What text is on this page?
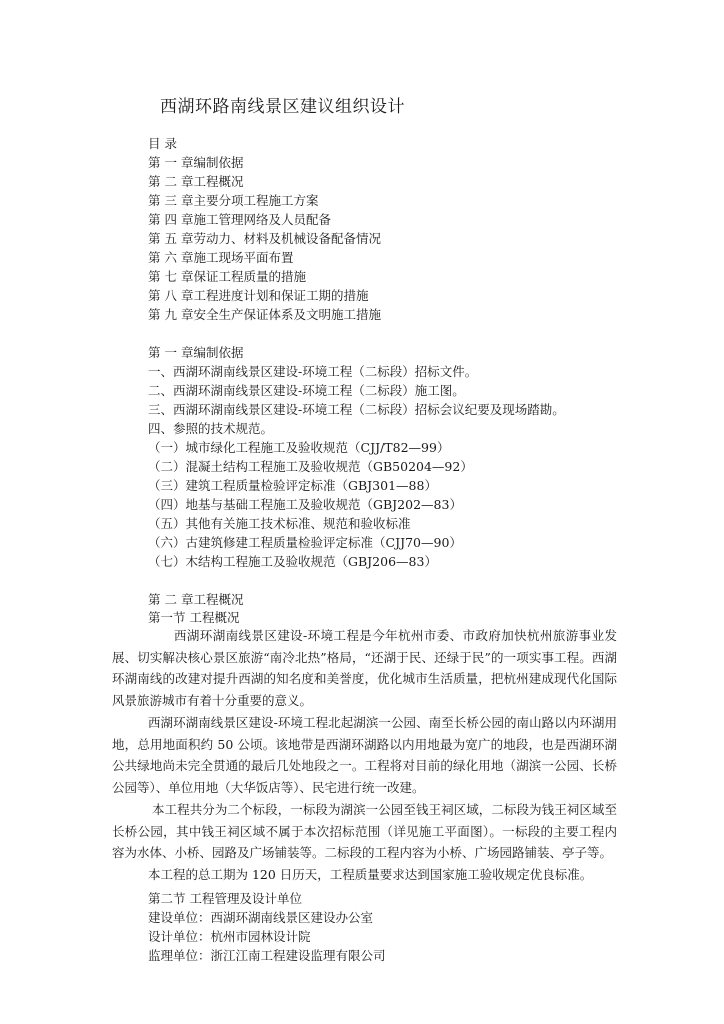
西湖环路南线景区建议组织设计
目 录
第 一 章编制依据
第 二 章工程概况
第 三 章主要分项工程施工方案
第 四 章施工管理网络及人员配备
第 五 章劳动力、材料及机械设备配备情况
第 六 章施工现场平面布置
第 七 章保证工程质量的措施
第 八 章工程进度计划和保证工期的措施
第 九 章安全生产保证体系及文明施工措施
第 一 章编制依据
一、西湖环湖南线景区建设-环境工程（二标段）招标文件。
二、西湖环湖南线景区建设-环境工程（二标段）施工图。
三、西湖环湖南线景区建设-环境工程（二标段）招标会议纪要及现场踏勘。
四、参照的技术规范。
（一）城市绿化工程施工及验收规范（CJJ/T82—99）
（二）混凝土结构工程施工及验收规范（GB50204—92）
（三）建筑工程质量检验评定标准（GBJ301—88）
（四）地基与基础工程施工及验收规范（GBJ202—83）
（五）其他有关施工技术标准、规范和验收标准
（六）古建筑修建工程质量检验评定标准（CJJ70—90）
（七）木结构工程施工及验收规范（GBJ206—83）
第 二 章工程概况
第一节 工程概况

西湖环湖南线景区建设-环境工程是今年杭州市委、市政府加快杭州旅游事业发展、切实解决核心景区旅游“南冷北热”格局，“还湖于民、还绿于民”的一项实事工程。西湖环湖南线的改建对提升西湖的知名度和美誉度，优化城市生活质量，把杭州建成现代化国际风景旅游城市有着十分重要的意义。

西湖环湖南线景区建设-环境工程北起湖滨一公园、南至长桥公园的南山路以内环湖用地，总用地面积约 50 公顷。该地带是西湖环湖路以内用地最为宽广的地段，也是西湖环湖公共绿地尚未完全贯通的最后几处地段之一。工程将对目前的绿化用地（湖滨一公园、长桥公园等）、单位用地（大华饭店等）、民宅进行统一改建。

本工程共分为二个标段，一标段为湖滨一公园至钱王祠区域，二标段为钱王祠区域至长桥公园，其中钱王祠区域不属于本次招标范围（详见施工平面图）。一标段的主要工程内容为水体、小桥、园路及广场铺装等。二标段的工程内容为小桥、广场园路铺装、亭子等。

本工程的总工期为 120 日历天，工程质量要求达到国家施工验收规定优良标准。

第二节 工程管理及设计单位
建设单位：西湖环湖南线景区建设办公室
设计单位：杭州市园林设计院
监理单位：浙江江南工程建设监理有限公司
